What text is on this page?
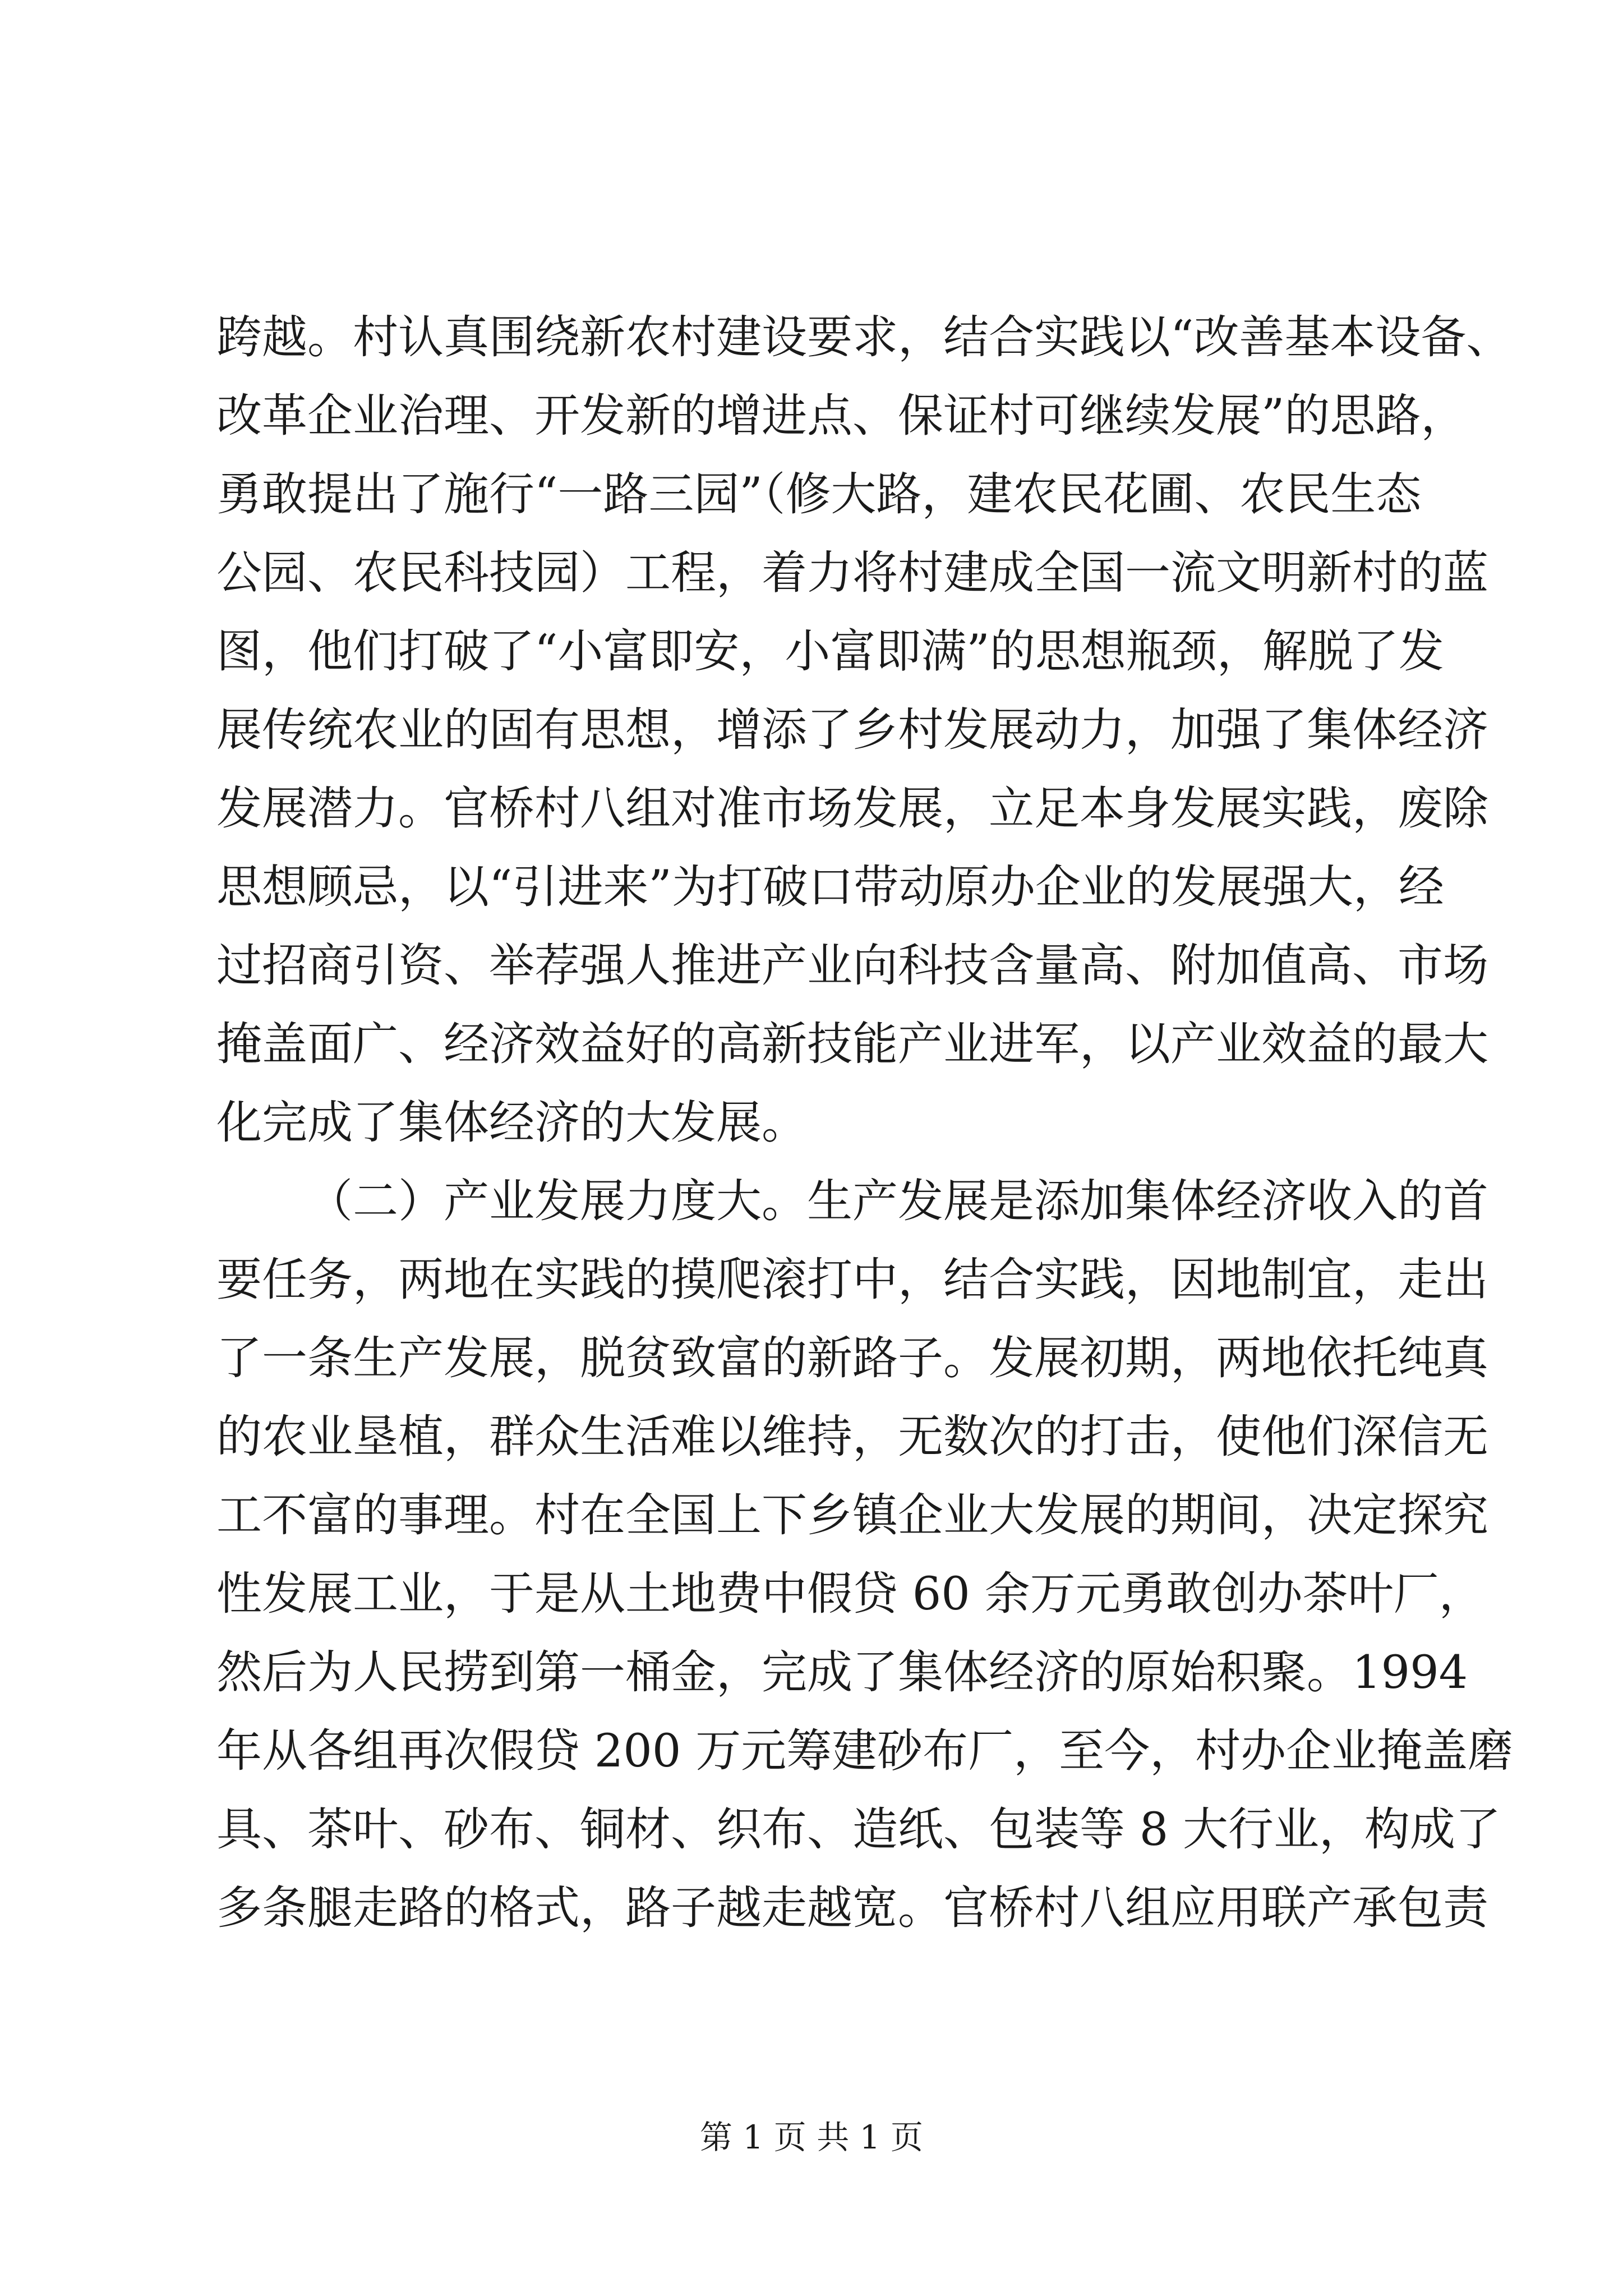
跨越。村认真围绕新农村建设要求，结合实践以“改善基本设备、
改革企业治理、开发新的增进点、保证村可继续发展”的思路，
勇敢提出了施行“一路三园”（修大路，建农民花圃、农民生态
公园、农民科技园）工程，着力将村建成全国一流文明新村的蓝
图，他们打破了“小富即安，小富即满”的思想瓶颈，解脱了发
展传统农业的固有思想，增添了乡村发展动力，加强了集体经济
发展潜力。官桥村八组对准市场发展，立足本身发展实践，废除
思想顾忌，以“引进来”为打破口带动原办企业的发展强大，经
过招商引资、举荐强人推进产业向科技含量高、附加值高、市场
掩盖面广、经济效益好的高新技能产业进军，以产业效益的最大
化完成了集体经济的大发展。
（二）产业发展力度大。生产发展是添加集体经济收入的首
要任务，两地在实践的摸爬滚打中，结合实践，因地制宜，走出
了一条生产发展，脱贫致富的新路子。发展初期，两地依托纯真
的农业垦植，群众生活难以维持，无数次的打击，使他们深信无
工不富的事理。村在全国上下乡镇企业大发展的期间，决定探究
性发展工业，于是从土地费中假贷 60 余万元勇敢创办茶叶厂，
然后为人民捞到第一桶金，完成了集体经济的原始积聚。1994
年从各组再次假贷 200 万元筹建砂布厂，至今，村办企业掩盖磨
具、茶叶、砂布、铜材、织布、造纸、包装等 8 大行业，构成了
多条腿走路的格式，路子越走越宽。官桥村八组应用联产承包责
第 1 页 共 1 页
